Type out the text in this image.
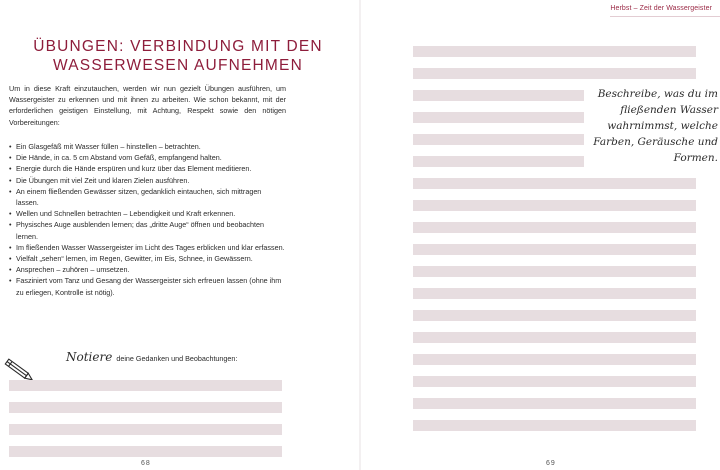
ÜBUNGEN: VERBINDUNG MIT DEN
WASSERWESEN AUFNEHMEN

Um in diese Kraft einzutauchen, werden wir nun gezielt Übungen ausführen, um Wassergeister zu erkennen und mit ihnen zu arbeiten. Wie schon bekannt, mit der erforderlichen geistigen Einstellung, mit Achtung, Respekt sowie den nötigen Vorbereitungen:

• Ein Glasgefäß mit Wasser füllen – hinstellen – betrachten.
• Die Hände, in ca. 5 cm Abstand vom Gefäß, empfangend halten.
• Energie durch die Hände erspüren und kurz über das Element meditieren.
• Die Übungen mit viel Zeit und klaren Zielen ausführen.
• An einem fließenden Gewässer sitzen, gedanklich eintauchen, sich mittragen lassen.
• Wellen und Schnellen betrachten – Lebendigkeit und Kraft erkennen.
• Physisches Auge ausblenden lernen; das „dritte Auge“ öffnen und beobachten lernen.
• Im fließenden Wasser Wassergeister im Licht des Tages erblicken und klar erfassen.
• Vielfalt „sehen“ lernen, im Regen, Gewitter, im Eis, Schnee, in Gewässern.
• Ansprechen – zuhören – umsetzen.
• Fasziniert vom Tanz und Gesang der Wassergeister sich erfreuen lassen (ohne ihm zu erliegen, Kontrolle ist nötig).
Notiere deine Gedanken und Beobachtungen:
68
Herbst – Zeit der Wassergeister
Beschreibe, was du im fließenden Wasser wahrnimmst, welche Farben, Geräusche und Formen.
69
